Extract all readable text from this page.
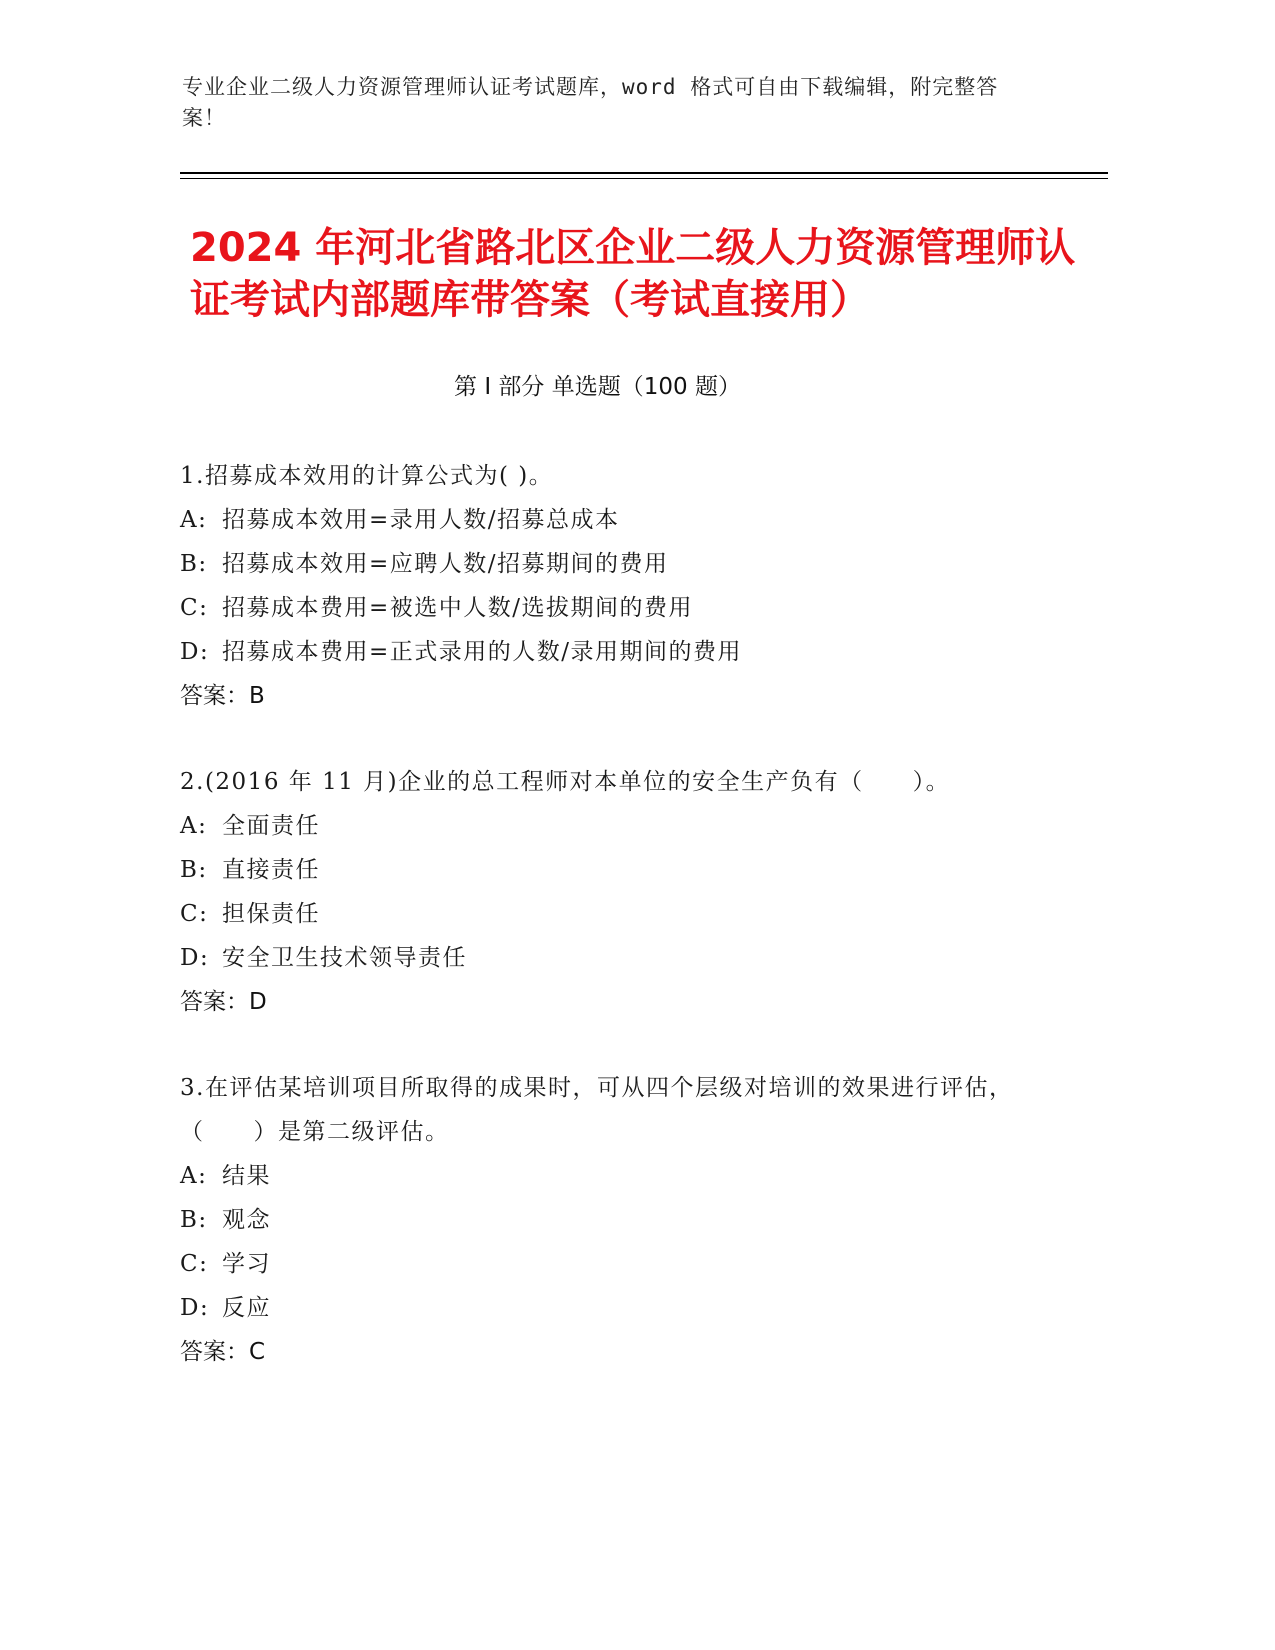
专业企业二级人力资源管理师认证考试题库，word 格式可自由下载编辑，附完整答案！
2024 年河北省路北区企业二级人力资源管理师认证考试内部题库带答案（考试直接用）
第 I 部分 单选题（100 题）
1.招募成本效用的计算公式为( )。
A: 招募成本效用=录用人数/招募总成本
B: 招募成本效用=应聘人数/招募期间的费用
C: 招募成本费用=被选中人数/选拔期间的费用
D: 招募成本费用=正式录用的人数/录用期间的费用
答案：B
2.(2016 年 11 月)企业的总工程师对本单位的安全生产负有（　　）。
A: 全面责任
B: 直接责任
C: 担保责任
D: 安全卫生技术领导责任
答案：D
3.在评估某培训项目所取得的成果时，可从四个层级对培训的效果进行评估，（　　）是第二级评估。
A: 结果
B: 观念
C: 学习
D: 反应
答案：C
